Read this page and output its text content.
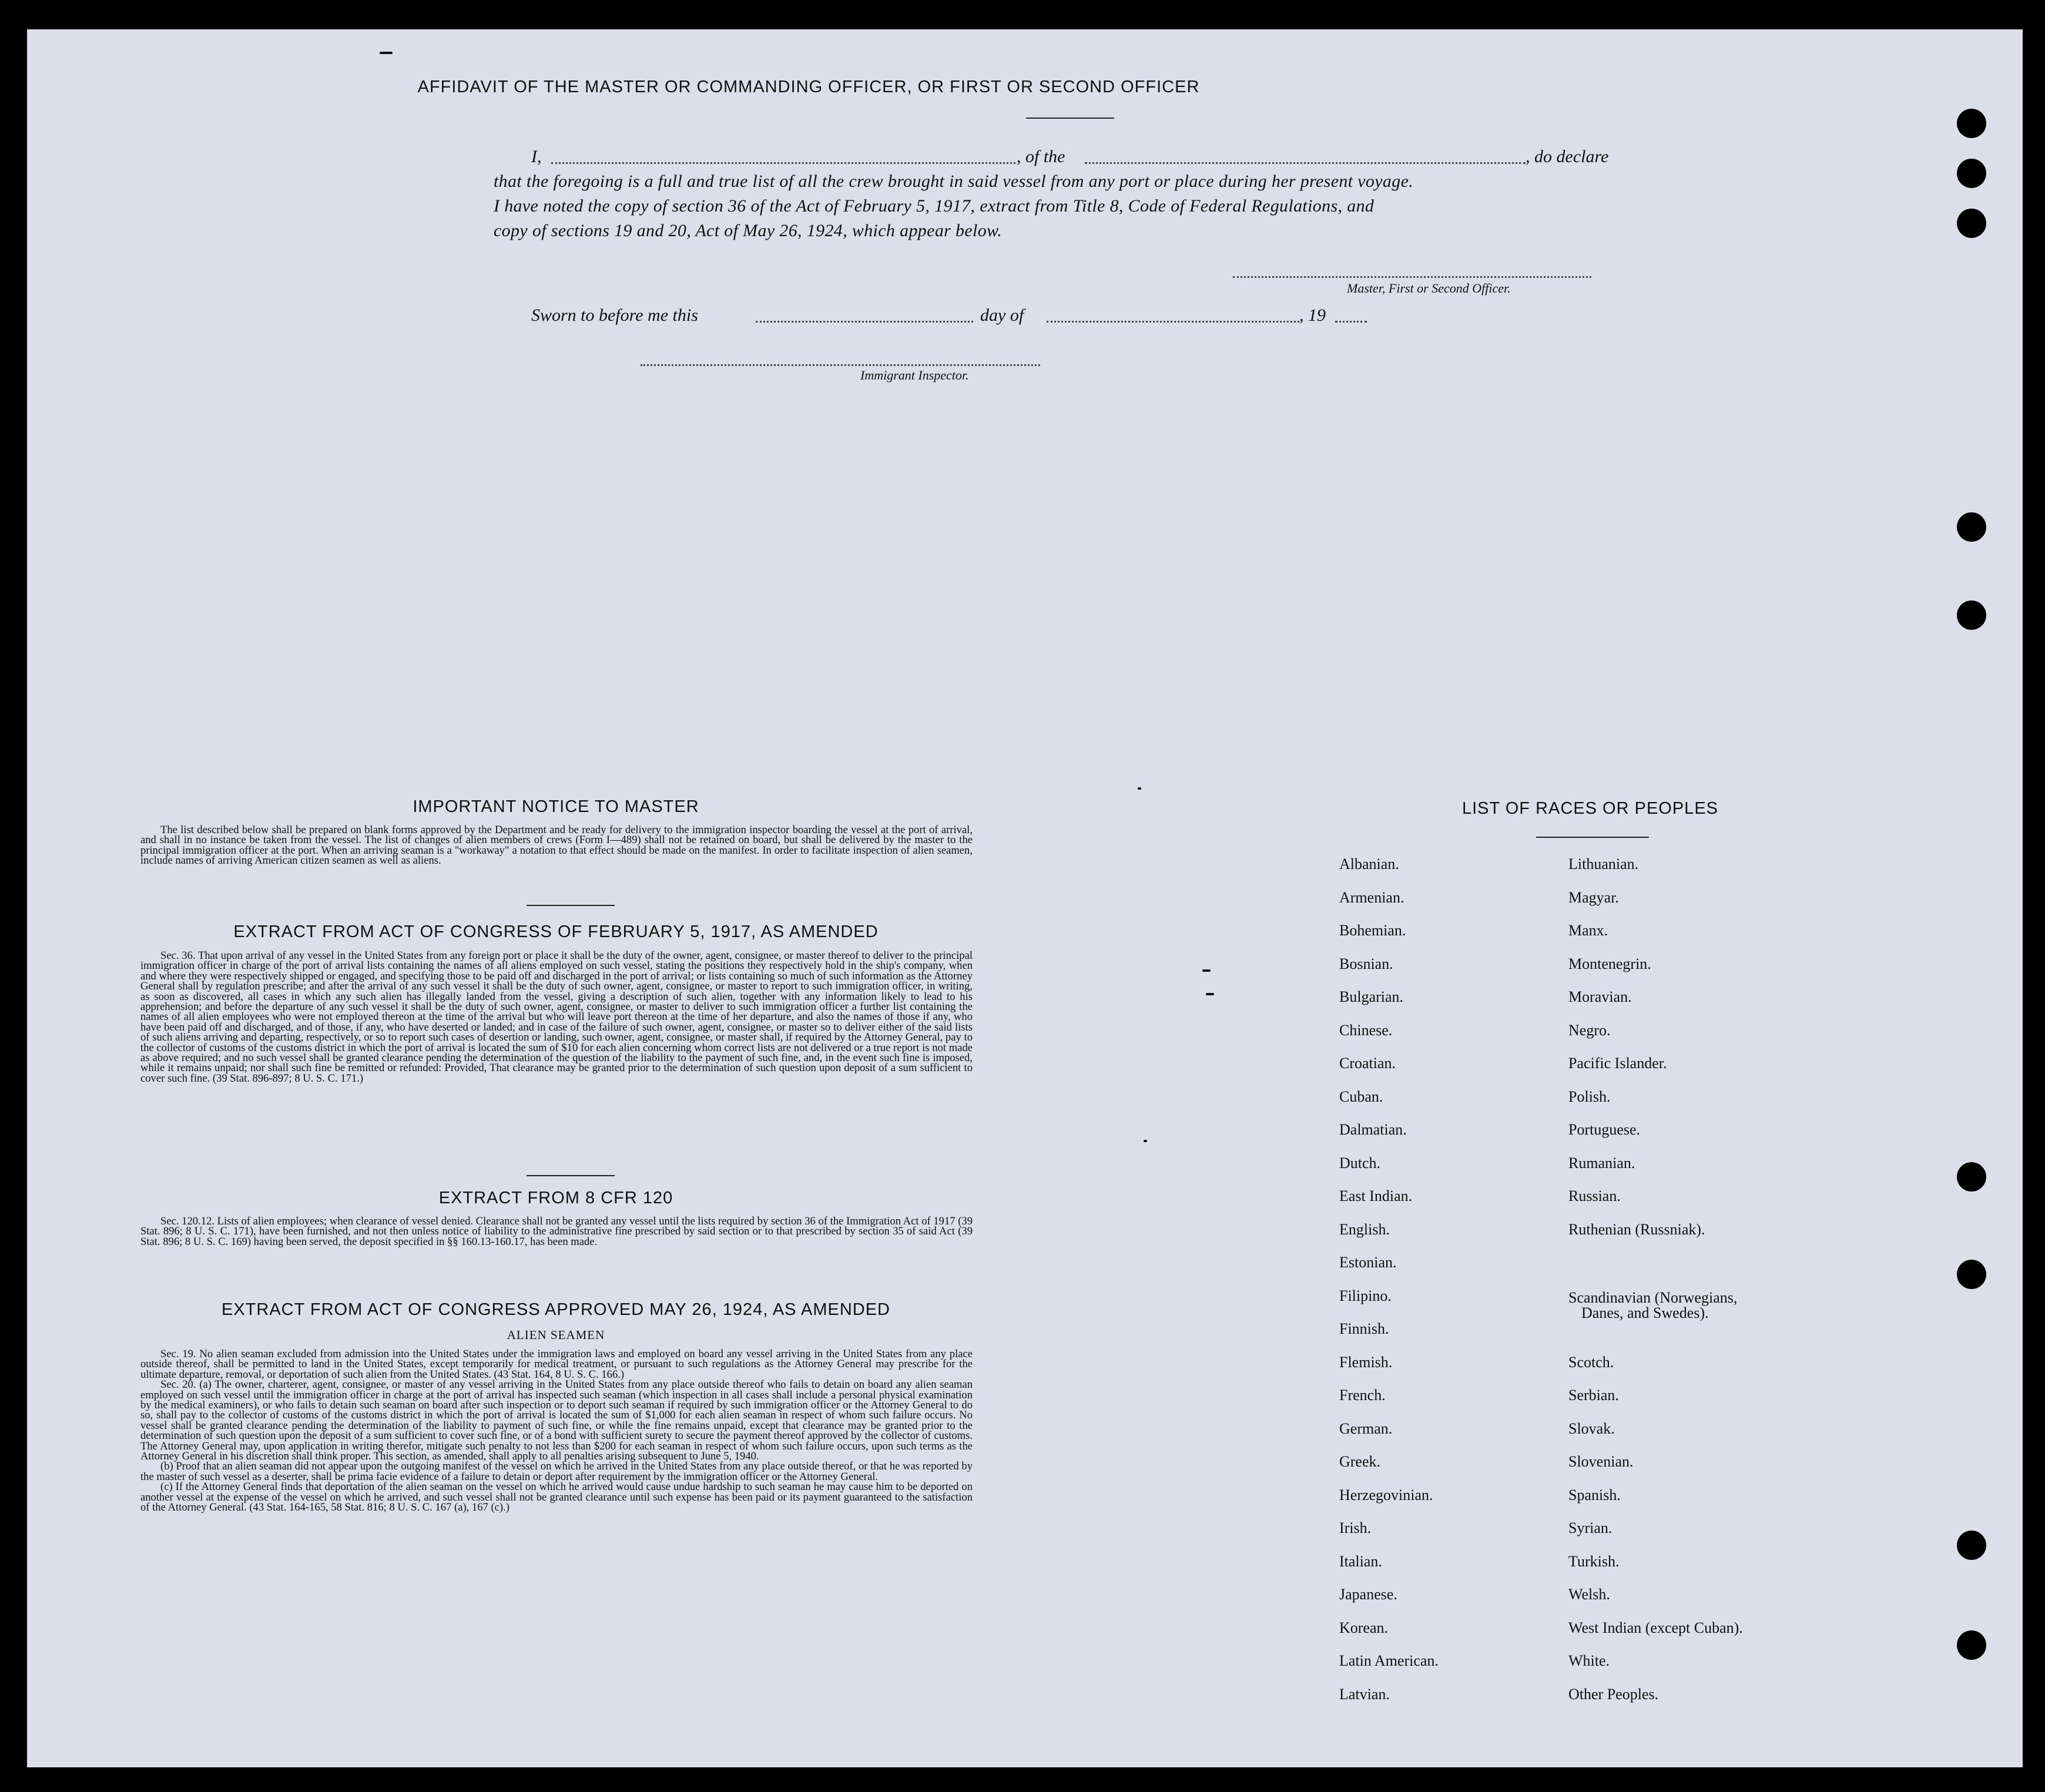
AFFIDAVIT OF THE MASTER OR COMMANDING OFFICER, OR FIRST OR SECOND OFFICER
I,	, of the	, do declare
that the foregoing is a full and true list of all the crew brought in said vessel from any port or place during her present voyage.
I have noted the copy of section 36 of the Act of February 5, 1917, extract from Title 8, Code of Federal Regulations, and
copy of sections 19 and 20, Act of May 26, 1924, which appear below.
Master, First or Second Officer.
Sworn to before me this	day of	, 19
Immigrant Inspector.
IMPORTANT NOTICE TO MASTER

The list described below shall be prepared on blank forms approved by the Department and be ready for delivery to the immigration inspector boarding the vessel at the port of arrival, and shall in no instance be taken from the vessel. The list of changes of alien members of crews (Form I—489) shall not be retained on board, but shall be delivered by the master to the principal immigration officer at the port. When an arriving seaman is a "workaway" a notation to that effect should be made on the manifest. In order to facilitate inspection of alien seamen, include names of arriving American citizen seamen as well as aliens.

EXTRACT FROM ACT OF CONGRESS OF FEBRUARY 5, 1917, AS AMENDED

Sec. 36. That upon arrival of any vessel in the United States from any foreign port or place it shall be the duty of the owner, agent, consignee, or master thereof to deliver to the principal immigration officer in charge of the port of arrival lists containing the names of all aliens employed on such vessel, stating the positions they respectively hold in the ship's company, when and where they were respectively shipped or engaged, and specifying those to be paid off and discharged in the port of arrival; or lists containing so much of such information as the Attorney General shall by regulation prescribe; and after the arrival of any such vessel it shall be the duty of such owner, agent, consignee, or master to report to such immigration officer, in writing, as soon as discovered, all cases in which any such alien has illegally landed from the vessel, giving a description of such alien, together with any information likely to lead to his apprehension; and before the departure of any such vessel it shall be the duty of such owner, agent, consignee, or master to deliver to such immigration officer a further list containing the names of all alien employees who were not employed thereon at the time of the arrival but who will leave port thereon at the time of her departure, and also the names of those if any, who have been paid off and discharged, and of those, if any, who have deserted or landed; and in case of the failure of such owner, agent, consignee, or master so to deliver either of the said lists of such aliens arriving and departing, respectively, or so to report such cases of desertion or landing, such owner, agent, consignee, or master shall, if required by the Attorney General, pay to the collector of customs of the customs district in which the port of arrival is located the sum of $10 for each alien concerning whom correct lists are not delivered or a true report is not made as above required; and no such vessel shall be granted clearance pending the determination of the question of the liability to the payment of such fine, and, in the event such fine is imposed, while it remains unpaid; nor shall such fine be remitted or refunded: Provided, That clearance may be granted prior to the determination of such question upon deposit of a sum sufficient to cover such fine. (39 Stat. 896-897; 8 U. S. C. 171.)

EXTRACT FROM 8 CFR 120

Sec. 120.12. Lists of alien employees; when clearance of vessel denied. Clearance shall not be granted any vessel until the lists required by section 36 of the Immigration Act of 1917 (39 Stat. 896; 8 U. S. C. 171), have been furnished, and not then unless notice of liability to the administrative fine prescribed by said section or to that prescribed by section 35 of said Act (39 Stat. 896; 8 U. S. C. 169) having been served, the deposit specified in §§ 160.13-160.17, has been made.

EXTRACT FROM ACT OF CONGRESS APPROVED MAY 26, 1924, AS AMENDED
ALIEN SEAMEN

Sec. 19. No alien seaman excluded from admission into the United States under the immigration laws and employed on board any vessel arriving in the United States from any place outside thereof, shall be permitted to land in the United States, except temporarily for medical treatment, or pursuant to such regulations as the Attorney General may prescribe for the ultimate departure, removal, or deportation of such alien from the United States. (43 Stat. 164, 8 U. S. C. 166.)

Sec. 20. (a) The owner, charterer, agent, consignee, or master of any vessel arriving in the United States from any place outside thereof who fails to detain on board any alien seaman employed on such vessel until the immigration officer in charge at the port of arrival has inspected such seaman (which inspection in all cases shall include a personal physical examination by the medical examiners), or who fails to detain such seaman on board after such inspection or to deport such seaman if required by such immigration officer or the Attorney General to do so, shall pay to the collector of customs of the customs district in which the port of arrival is located the sum of $1,000 for each alien seaman in respect of whom such failure occurs. No vessel shall be granted clearance pending the determination of the liability to payment of such fine, or while the fine remains unpaid, except that clearance may be granted prior to the determination of such question upon the deposit of a sum sufficient to cover such fine, or of a bond with sufficient surety to secure the payment thereof approved by the collector of customs. The Attorney General may, upon application in writing therefor, mitigate such penalty to not less than $200 for each seaman in respect of whom such failure occurs, upon such terms as the Attorney General in his discretion shall think proper. This section, as amended, shall apply to all penalties arising subsequent to June 5, 1940.

(b) Proof that an alien seaman did not appear upon the outgoing manifest of the vessel on which he arrived in the United States from any place outside thereof, or that he was reported by the master of such vessel as a deserter, shall be prima facie evidence of a failure to detain or deport after requirement by the immigration officer or the Attorney General.

(c) If the Attorney General finds that deportation of the alien seaman on the vessel on which he arrived would cause undue hardship to such seaman he may cause him to be deported on another vessel at the expense of the vessel on which he arrived, and such vessel shall not be granted clearance until such expense has been paid or its payment guaranteed to the satisfaction of the Attorney General. (43 Stat. 164-165, 58 Stat. 816; 8 U. S. C. 167 (a), 167 (c).)

LIST OF RACES OR PEOPLES
Albanian.
Armenian.
Bohemian.
Bosnian.
Bulgarian.
Chinese.
Croatian.
Cuban.
Dalmatian.
Dutch.
East Indian.
English.
Estonian.
Filipino.
Finnish.
Flemish.
French.
German.
Greek.
Herzegovinian.
Irish.
Italian.
Japanese.
Korean.
Latin American.
Latvian.
Lithuanian.
Magyar.
Manx.
Montenegrin.
Moravian.
Negro.
Pacific Islander.
Polish.
Portuguese.
Rumanian.
Russian.
Ruthenian (Russniak).
Scandinavian (Norwegians,
Danes, and Swedes).
Scotch.
Serbian.
Slovak.
Slovenian.
Spanish.
Syrian.
Turkish.
Welsh.
West Indian (except Cuban).
White.
Other Peoples.
